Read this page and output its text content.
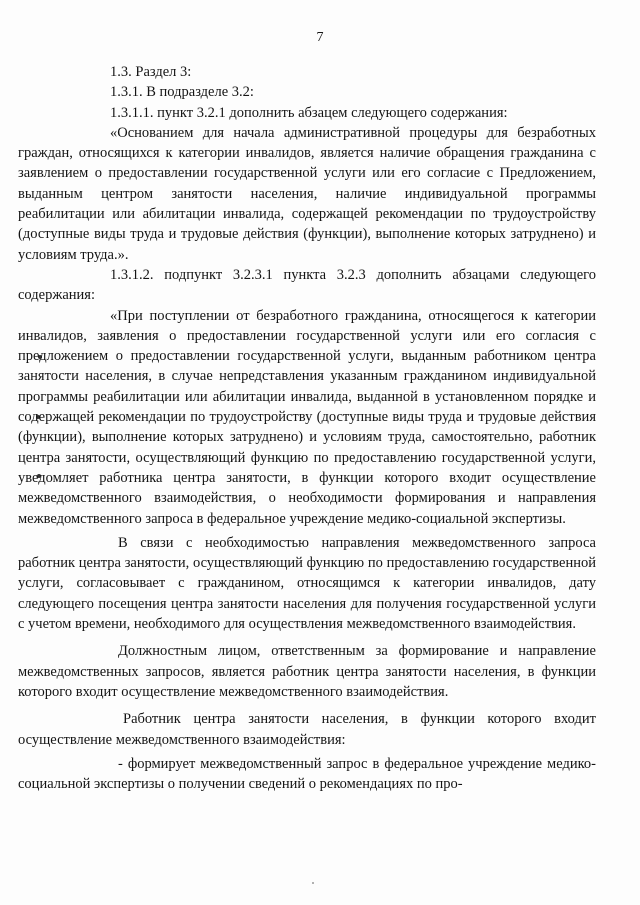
7

1.3. Раздел 3:

1.3.1. В подразделе 3.2:

1.3.1.1. пункт 3.2.1 дополнить абзацем следующего содержания:

«Основанием для начала административной процедуры для безработных граждан, относящихся к категории инвалидов, является наличие обращения гражданина с заявлением о предоставлении государственной услуги или его согласие с Предложением, выданным центром занятости населения, наличие индивидуальной программы реабилитации или абилитации инвалида, содержащей рекомендации по трудоустройству (доступные виды труда и трудовые действия (функции), выполнение которых затруднено) и условиям труда.».

1.3.1.2. подпункт 3.2.3.1 пункта 3.2.3 дополнить абзацами следующего содержания:

«При поступлении от безработного гражданина, относящегося к категории инвалидов, заявления о предоставлении государственной услуги или его согласия с предложением о предоставлении государственной услуги, выданным работником центра занятости населения, в случае непредставления указанным гражданином индивидуальной программы реабилитации или абилитации инвалида, выданной в установленном порядке и содержащей рекомендации по трудоустройству (доступные виды труда и трудовые действия (функции), выполнение которых затруднено) и условиям труда, самостоятельно, работник центра занятости, осуществляющий функцию по предоставлению государственной услуги, уведомляет работника центра занятости, в функции которого входит осуществление межведомственного взаимодействия, о необходимости формирования и направления межведомственного запроса в федеральное учреждение медико-социальной экспертизы.

В связи с необходимостью направления межведомственного запроса работник центра занятости, осуществляющий функцию по предоставлению государственной услуги, согласовывает с гражданином, относящимся к категории инвалидов, дату следующего посещения центра занятости населения для получения государственной услуги с учетом времени, необходимого для осуществления межведомственного взаимодействия.

Должностным лицом, ответственным за формирование и направление межведомственных запросов, является работник центра занятости населения, в функции которого входит осуществление межведомственного взаимодействия.

Работник центра занятости населения, в функции которого входит осуществление межведомственного взаимодействия:

- формирует межведомственный запрос в федеральное учреждение медико-социальной экспертизы о получении сведений о рекомендациях по про-
